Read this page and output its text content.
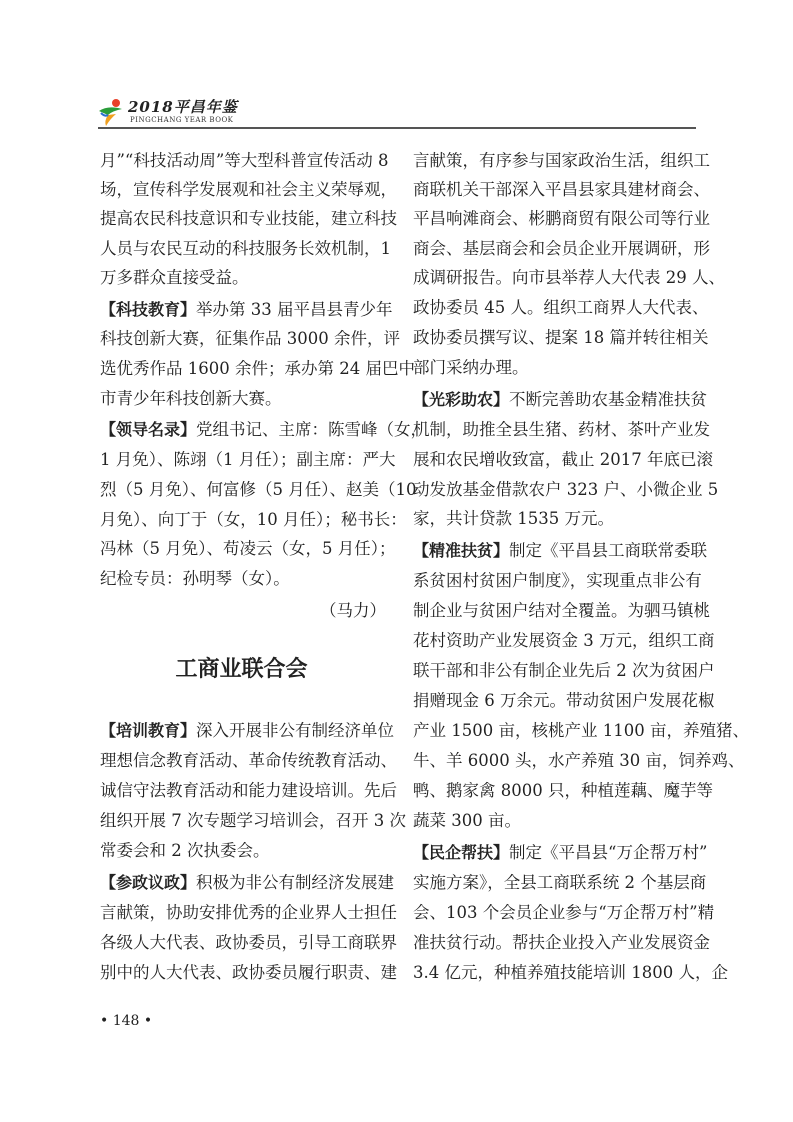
2018平昌年鉴
PINGCHANG YEAR BOOK
月”“科技活动周”等大型科普宣传活动 8
场，宣传科学发展观和社会主义荣辱观，
提高农民科技意识和专业技能，建立科技
人员与农民互动的科技服务长效机制，1
万多群众直接受益。
【科技教育】举办第 33 届平昌县青少年
科技创新大赛，征集作品 3000 余件，评
选优秀作品 1600 余件；承办第 24 届巴中
市青少年科技创新大赛。
【领导名录】党组书记、主席：陈雪峰（女，
1 月免）、陈翊（1 月任）；副主席：严大
烈（5 月免）、何富修（5 月任）、赵美（10
月免）、向丁于（女，10 月任）；秘书长：
冯林（5 月免）、苟凌云（女，5 月任）；
纪检专员：孙明琴（女）。
（马力）
工商业联合会
【培训教育】深入开展非公有制经济单位
理想信念教育活动、革命传统教育活动、
诚信守法教育活动和能力建设培训。先后
组织开展 7 次专题学习培训会，召开 3 次
常委会和 2 次执委会。
【参政议政】积极为非公有制经济发展建
言献策，协助安排优秀的企业界人士担任
各级人大代表、政协委员，引导工商联界
别中的人大代表、政协委员履行职责、建
言献策，有序参与国家政治生活，组织工
商联机关干部深入平昌县家具建材商会、
平昌响滩商会、彬鹏商贸有限公司等行业
商会、基层商会和会员企业开展调研，形
成调研报告。向市县举荐人大代表 29 人、
政协委员 45 人。组织工商界人大代表、
政协委员撰写议、提案 18 篇并转往相关
部门采纳办理。
【光彩助农】不断完善助农基金精准扶贫
机制，助推全县生猪、药材、茶叶产业发
展和农民增收致富，截止 2017 年底已滚
动发放基金借款农户 323 户、小微企业 5
家，共计贷款 1535 万元。
【精准扶贫】制定《平昌县工商联常委联
系贫困村贫困户制度》，实现重点非公有
制企业与贫困户结对全覆盖。为驷马镇桃
花村资助产业发展资金 3 万元，组织工商
联干部和非公有制企业先后 2 次为贫困户
捐赠现金 6 万余元。带动贫困户发展花椒
产业 1500 亩，核桃产业 1100 亩，养殖猪、
牛、羊 6000 头，水产养殖 30 亩，饲养鸡、
鸭、鹅家禽 8000 只，种植莲藕、魔芋等
蔬菜 300 亩。
【民企帮扶】制定《平昌县“万企帮万村”
实施方案》，全县工商联系统 2 个基层商
会、103 个会员企业参与“万企帮万村”精
准扶贫行动。帮扶企业投入产业发展资金
3.4 亿元，种植养殖技能培训 1800 人，企
• 148 •
